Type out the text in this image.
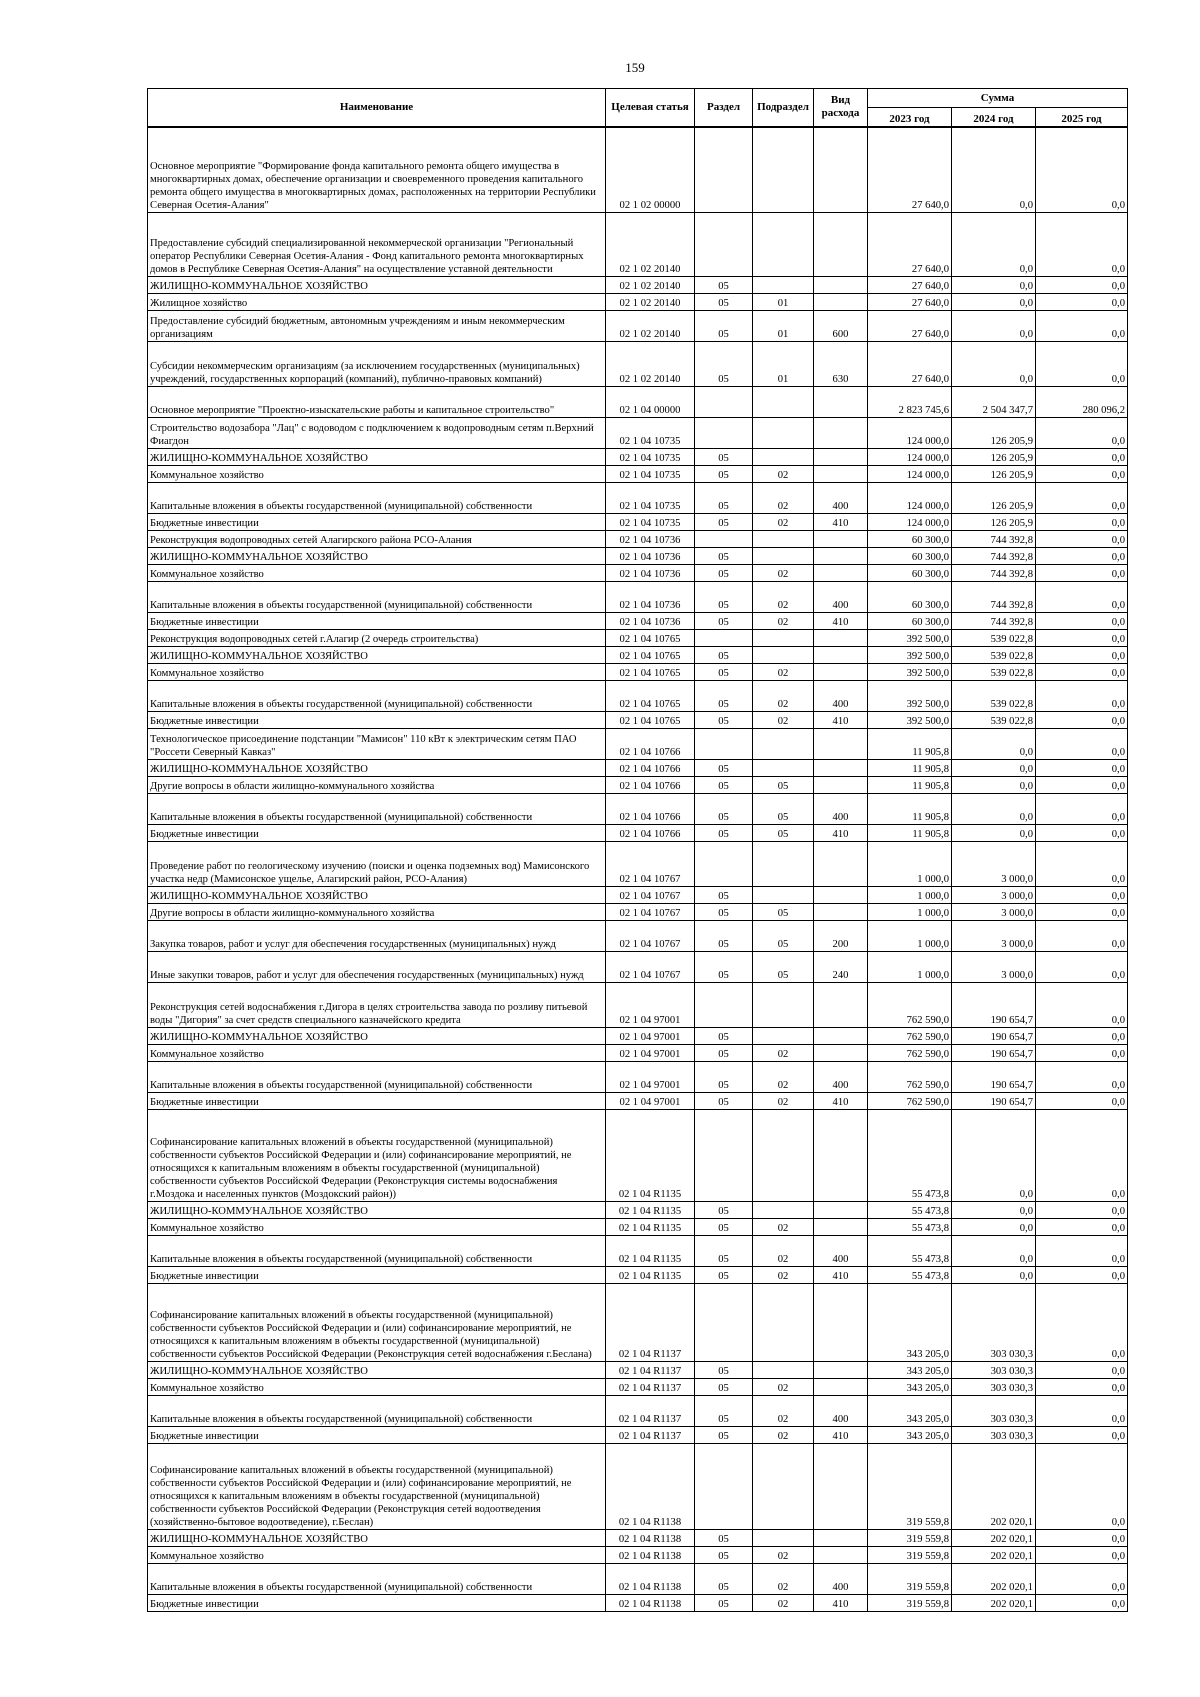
159
Наименование	Целевая статья	Раздел	Подраздел	Вид расхода	Сумма		
					2023 год	2024 год	2025 год
Основное мероприятие "Формирование фонда капитального ремонта общего имущества в многоквартирных домах, обеспечение организации и своевременного проведения капитального ремонта общего имущества в многоквартирных домах, расположенных на территории Республики Северная Осетия-Алания"	02 1 02 00000				27 640,0	0,0	0,0
Предоставление субсидий специализированной некоммерческой организации "Региональный оператор Республики Северная Осетия-Алания - Фонд капитального ремонта многоквартирных домов в Республике Северная Осетия-Алания" на осуществление уставной деятельности	02 1 02 20140				27 640,0	0,0	0,0
ЖИЛИЩНО-КОММУНАЛЬНОЕ ХОЗЯЙСТВО	02 1 02 20140	05			27 640,0	0,0	0,0
Жилищное хозяйство	02 1 02 20140	05	01		27 640,0	0,0	0,0
Предоставление субсидий бюджетным, автономным учреждениям и иным некоммерческим организациям	02 1 02 20140	05	01	600	27 640,0	0,0	0,0
Субсидии некоммерческим организациям (за исключением государственных (муниципальных) учреждений, государственных корпораций (компаний), публично-правовых компаний)	02 1 02 20140	05	01	630	27 640,0	0,0	0,0
Основное мероприятие "Проектно-изыскательские работы и капитальное строительство"	02 1 04 00000				2 823 745,6	2 504 347,7	280 096,2
Строительство водозабора "Лац" с водоводом с подключением к водопроводным сетям п.Верхний Фиагдон	02 1 04 10735				124 000,0	126 205,9	0,0
ЖИЛИЩНО-КОММУНАЛЬНОЕ ХОЗЯЙСТВО	02 1 04 10735	05			124 000,0	126 205,9	0,0
Коммунальное хозяйство	02 1 04 10735	05	02		124 000,0	126 205,9	0,0
Капитальные вложения в объекты государственной (муниципальной) собственности	02 1 04 10735	05	02	400	124 000,0	126 205,9	0,0
Бюджетные инвестиции	02 1 04 10735	05	02	410	124 000,0	126 205,9	0,0
Реконструкция водопроводных сетей Алагирского района РСО-Алания	02 1 04 10736				60 300,0	744 392,8	0,0
ЖИЛИЩНО-КОММУНАЛЬНОЕ ХОЗЯЙСТВО	02 1 04 10736	05			60 300,0	744 392,8	0,0
Коммунальное хозяйство	02 1 04 10736	05	02		60 300,0	744 392,8	0,0
Капитальные вложения в объекты государственной (муниципальной) собственности	02 1 04 10736	05	02	400	60 300,0	744 392,8	0,0
Бюджетные инвестиции	02 1 04 10736	05	02	410	60 300,0	744 392,8	0,0
Реконструкция водопроводных сетей г.Алагир (2 очередь строительства)	02 1 04 10765				392 500,0	539 022,8	0,0
ЖИЛИЩНО-КОММУНАЛЬНОЕ ХОЗЯЙСТВО	02 1 04 10765	05			392 500,0	539 022,8	0,0
Коммунальное хозяйство	02 1 04 10765	05	02		392 500,0	539 022,8	0,0
Капитальные вложения в объекты государственной (муниципальной) собственности	02 1 04 10765	05	02	400	392 500,0	539 022,8	0,0
Бюджетные инвестиции	02 1 04 10765	05	02	410	392 500,0	539 022,8	0,0
Технологическое присоединение подстанции "Мамисон" 110 кВт к электрическим сетям ПАО "Россети Северный Кавказ"	02 1 04 10766				11 905,8	0,0	0,0
ЖИЛИЩНО-КОММУНАЛЬНОЕ ХОЗЯЙСТВО	02 1 04 10766	05			11 905,8	0,0	0,0
Другие вопросы в области жилищно-коммунального хозяйства	02 1 04 10766	05	05		11 905,8	0,0	0,0
Капитальные вложения в объекты государственной (муниципальной) собственности	02 1 04 10766	05	05	400	11 905,8	0,0	0,0
Бюджетные инвестиции	02 1 04 10766	05	05	410	11 905,8	0,0	0,0
Проведение работ по геологическому изучению (поиски и оценка подземных вод) Мамисонского участка недр (Мамисонское ущелье, Алагирский район, РСО-Алания)	02 1 04 10767				1 000,0	3 000,0	0,0
ЖИЛИЩНО-КОММУНАЛЬНОЕ ХОЗЯЙСТВО	02 1 04 10767	05			1 000,0	3 000,0	0,0
Другие вопросы в области жилищно-коммунального хозяйства	02 1 04 10767	05	05		1 000,0	3 000,0	0,0
Закупка товаров, работ и услуг для обеспечения государственных (муниципальных) нужд	02 1 04 10767	05	05	200	1 000,0	3 000,0	0,0
Иные закупки товаров, работ и услуг для обеспечения государственных (муниципальных) нужд	02 1 04 10767	05	05	240	1 000,0	3 000,0	0,0
Реконструкция сетей водоснабжения г.Дигора в целях строительства завода по розливу питьевой воды "Дигория" за счет средств специального казначейского кредита	02 1 04 97001				762 590,0	190 654,7	0,0
ЖИЛИЩНО-КОММУНАЛЬНОЕ ХОЗЯЙСТВО	02 1 04 97001	05			762 590,0	190 654,7	0,0
Коммунальное хозяйство	02 1 04 97001	05	02		762 590,0	190 654,7	0,0
Капитальные вложения в объекты государственной (муниципальной) собственности	02 1 04 97001	05	02	400	762 590,0	190 654,7	0,0
Бюджетные инвестиции	02 1 04 97001	05	02	410	762 590,0	190 654,7	0,0
Софинансирование капитальных вложений в объекты государственной (муниципальной) собственности субъектов Российской Федерации и (или) софинансирование мероприятий, не относящихся к капитальным вложениям в объекты государственной (муниципальной) собственности субъектов Российской Федерации (Реконструкция системы водоснабжения г.Моздока и населенных пунктов (Моздокский район))	02 1 04 R1135				55 473,8	0,0	0,0
ЖИЛИЩНО-КОММУНАЛЬНОЕ ХОЗЯЙСТВО	02 1 04 R1135	05			55 473,8	0,0	0,0
Коммунальное хозяйство	02 1 04 R1135	05	02		55 473,8	0,0	0,0
Капитальные вложения в объекты государственной (муниципальной) собственности	02 1 04 R1135	05	02	400	55 473,8	0,0	0,0
Бюджетные инвестиции	02 1 04 R1135	05	02	410	55 473,8	0,0	0,0
Софинансирование капитальных вложений в объекты государственной (муниципальной) собственности субъектов Российской Федерации и (или) софинансирование мероприятий, не относящихся к капитальным вложениям в объекты государственной (муниципальной) собственности субъектов Российской Федерации (Реконструкция сетей водоснабжения г.Беслана)	02 1 04 R1137				343 205,0	303 030,3	0,0
ЖИЛИЩНО-КОММУНАЛЬНОЕ ХОЗЯЙСТВО	02 1 04 R1137	05			343 205,0	303 030,3	0,0
Коммунальное хозяйство	02 1 04 R1137	05	02		343 205,0	303 030,3	0,0
Капитальные вложения в объекты государственной (муниципальной) собственности	02 1 04 R1137	05	02	400	343 205,0	303 030,3	0,0
Бюджетные инвестиции	02 1 04 R1137	05	02	410	343 205,0	303 030,3	0,0
Софинансирование капитальных вложений в объекты государственной (муниципальной) собственности субъектов Российской Федерации и (или) софинансирование мероприятий, не относящихся к капитальным вложениям в объекты государственной (муниципальной) собственности субъектов Российской Федерации (Реконструкция сетей водоотведения (хозяйственно-бытовое водоотведение), г.Беслан)	02 1 04 R1138				319 559,8	202 020,1	0,0
ЖИЛИЩНО-КОММУНАЛЬНОЕ ХОЗЯЙСТВО	02 1 04 R1138	05			319 559,8	202 020,1	0,0
Коммунальное хозяйство	02 1 04 R1138	05	02		319 559,8	202 020,1	0,0
Капитальные вложения в объекты государственной (муниципальной) собственности	02 1 04 R1138	05	02	400	319 559,8	202 020,1	0,0
Бюджетные инвестиции	02 1 04 R1138	05	02	410	319 559,8	202 020,1	0,0
